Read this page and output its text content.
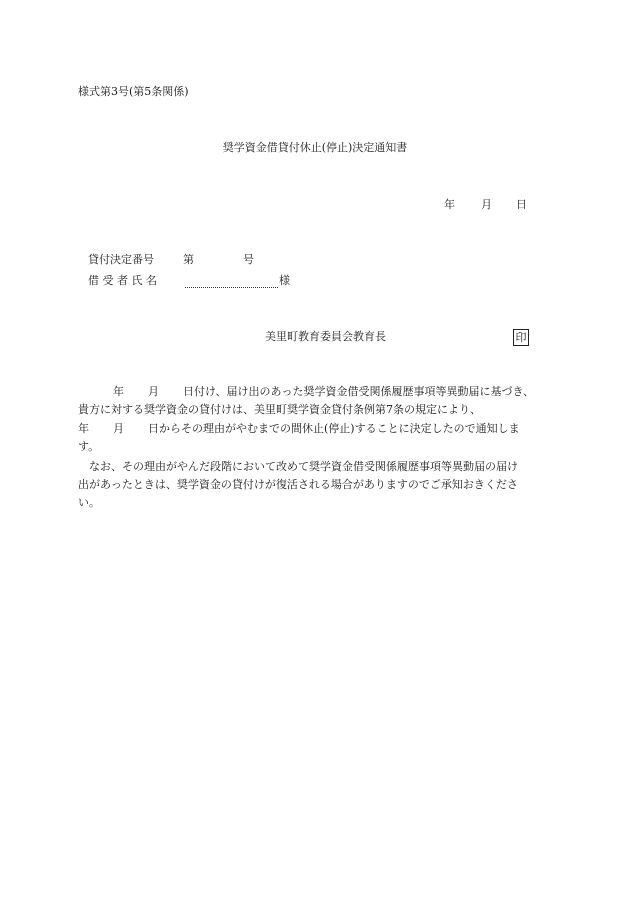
様式第3号(第5条関係)
奨学資金借貸付休止(停止)決定通知書
年 月 日
貸付決定番号	第	号
借 受 者 氏 名	様
美里町教育委員会教育長	印
年 月 日付け、届け出のあった奨学資金借受関係履歴事項等異動届に基づき、
貴方に対する奨学資金の貸付けは、美里町奨学資金貸付条例第7条の規定により、
年 月 日からその理由がやむまでの間休止(停止)することに決定したので通知しま
す。
なお、その理由がやんだ段階において改めて奨学資金借受関係履歴事項等異動届の届け
出があったときは、奨学資金の貸付けが復活される場合がありますのでご承知おきくださ
い。
